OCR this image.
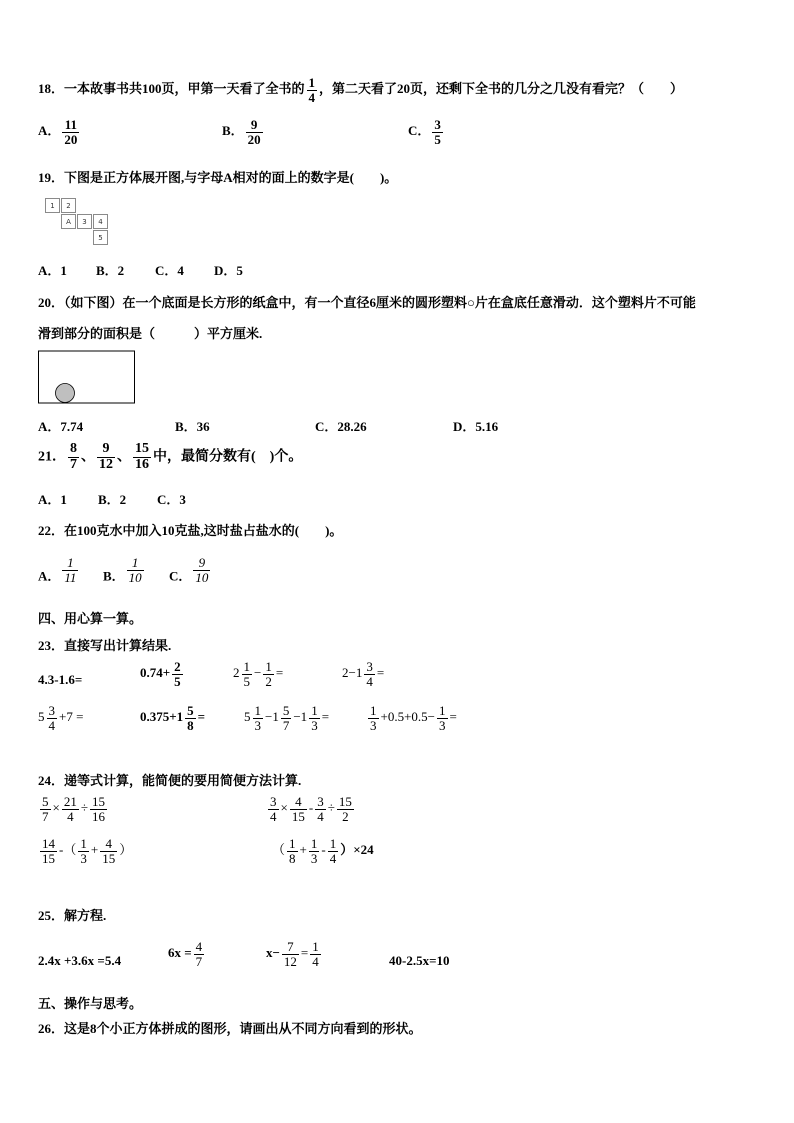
18．一本故事书共100页，甲第一天看了全书的 $\frac{1}{4}$ ，第二天看了20页，还剩下全书的几分之几没有看完？（　　）
A． $\frac{11}{20}$	B． $\frac{9}{20}$	C． $\frac{3}{5}$
19．下图是正方体展开图,与字母A相对的面上的数字是(　　)。
1	2
A	3	4
5
A．1 B．2 C．4 D．5
20．（如下图）在一个底面是长方形的纸盒中，有一个直径6厘米的圆形塑料○片在盒底任意滑动．这个塑料片不可能
滑到部分的面积是（　　　）平方厘米.
A．7.74	B．36	C．28.26	D．5.16
21． $\frac{8}{7}$ 、 $\frac{9}{12}$ 、 $\frac{15}{16}$ 中，最简分数有(　)个。
A．1 B．2 C．3
22．在100克水中加入10克盐,这时盐占盐水的(　　)。
A． $\frac{1}{11}$ B． $\frac{1}{10}$ C． $\frac{9}{10}$
四、用心算一算。
23．直接写出计算结果.
4.3-1.6=	$0.74+ \frac{2}{5}$	$2 \frac{1}{5} - \frac{1}{2}$ =	$2-1 \frac{3}{4}$ =
$5 \frac{3}{4} +7$ =	$0.375+1 \frac{5}{8}$ =	$5 \frac{1}{3} -1 \frac{5}{7} -1 \frac{1}{3}$ =	$\frac{1}{3} +0.5+0.5- \frac{1}{3}$ =
24．递等式计算，能简便的要用简便方法计算.
$\frac{5}{7} \times \frac{21}{4} \div \frac{15}{16}$	$\frac{3}{4} \times \frac{4}{15} - \frac{3}{4} \div \frac{15}{2}$
$\frac{14}{15}$ -（ $\frac{1}{3} + \frac{4}{15}$ ）	（ $\frac{1}{8} + \frac{1}{3} - \frac{1}{4} )\times 24$
25．解方程.
2.4x +3.6x =5.4
$6x = \frac{4}{7}$	$x- \frac{7}{12} = \frac{1}{4}$	40-2.5x=10
五、操作与思考。
26．这是8个小正方体拼成的图形，请画出从不同方向看到的形状。
